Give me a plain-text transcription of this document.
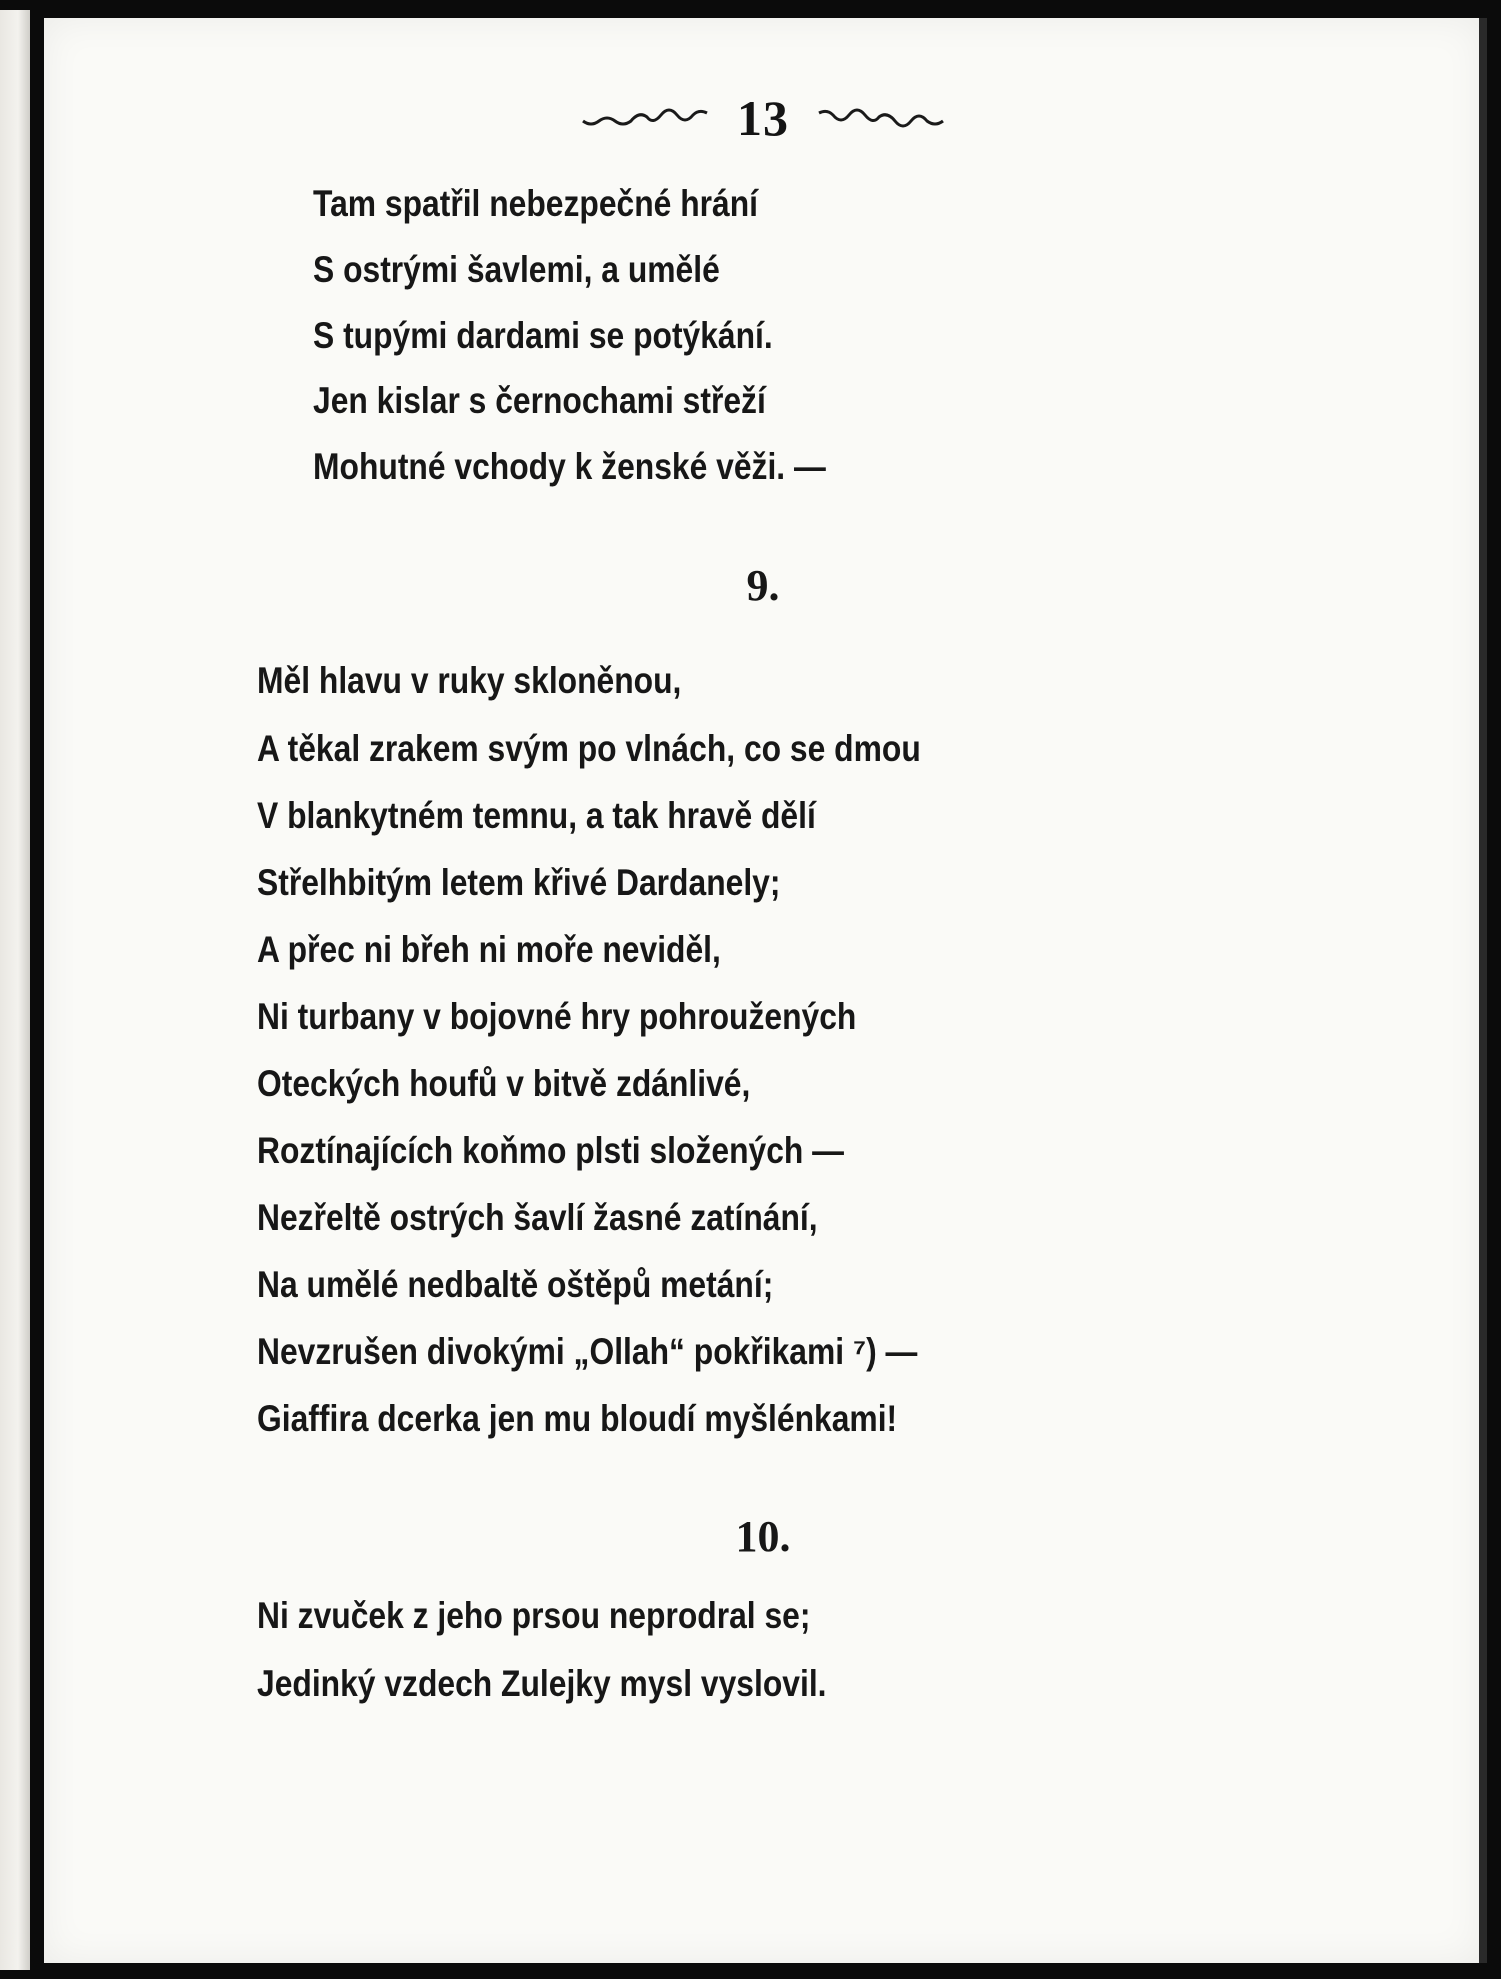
13

Tam spatřil nebezpečné hrání

S ostrými šavlemi, a umělé

S tupými dardami se potýkání.

Jen kislar s černochami střeží

Mohutné vchody k ženské věži. —

9.

Měl hlavu v ruky skloněnou,

A těkal zrakem svým po vlnách, co se dmou

V blankytném temnu, a tak hravě dělí

Střelhbitým letem křivé Dardanely;

A přec ni břeh ni moře neviděl,

Ni turbany v bojovné hry pohroužených

Oteckých houfů v bitvě zdánlivé,

Roztínajících koňmo plsti složených —

Nezřeltě ostrých šavlí žasné zatínání,

Na umělé nedbaltě oštěpů metání;

Nevzrušen divokými „Ollah“ pokřikami ⁷) —

Giaffira dcerka jen mu bloudí myšlénkami!

10.

Ni zvuček z jeho prsou neprodral se;

Jedinký vzdech Zulejky mysl vyslovil.
